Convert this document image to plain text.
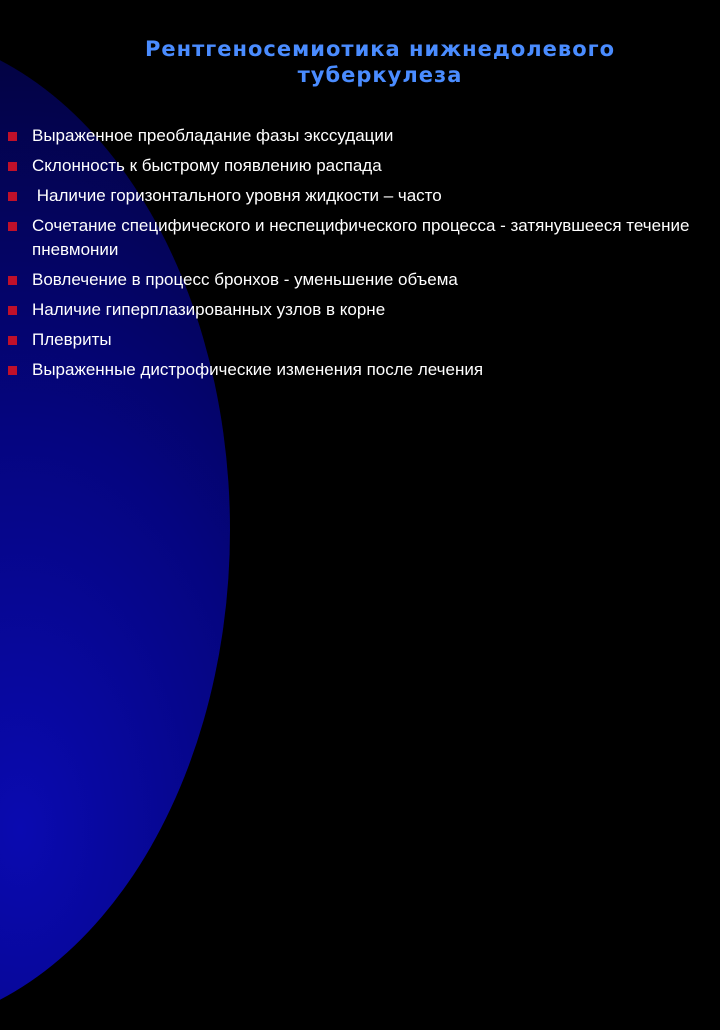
Рентгеносемиотика нижнедолевого
туберкулеза
Выраженное преобладание фазы экссудации
Склонность к быстрому появлению распада
Наличие горизонтального уровня жидкости – часто
Сочетание специфического и неспецифического процесса - затянувшееся течение пневмонии
Вовлечение в процесс бронхов - уменьшение объема
Наличие гиперплазированных узлов в корне
Плевриты
Выраженные дистрофические изменения после лечения
